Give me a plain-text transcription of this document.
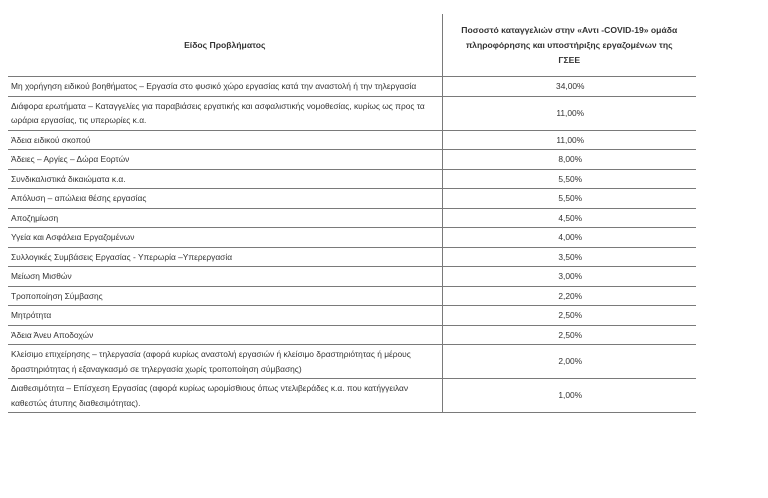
Είδος Προβλήματος	Ποσοστό καταγγελιών στην «Αντι -COVID-19» ομάδα πληροφόρησης και υποστήριξης εργαζομένων της ΓΣΕΕ
Μη χορήγηση ειδικού βοηθήματος – Εργασία στο φυσικό χώρο εργασίας κατά την αναστολή ή την τηλεργασία	34,00%
Διάφορα ερωτήματα – Καταγγελίες για παραβιάσεις εργατικής και ασφαλιστικής νομοθεσίας, κυρίως ως προς τα ωράρια εργασίας, τις υπερωρίες κ.α.	11,00%
Άδεια ειδικού σκοπού	11,00%
Άδειες – Αργίες – Δώρα Εορτών	8,00%
Συνδικαλιστικά δικαιώματα κ.α.	5,50%
Απόλυση – απώλεια θέσης εργασίας	5,50%
Αποζημίωση	4,50%
Υγεία και Ασφάλεια Εργαζομένων	4,00%
Συλλογικές Συμβάσεις Εργασίας - Υπερωρία –Υπερεργασία	3,50%
Μείωση Μισθών	3,00%
Τροποποίηση Σύμβασης	2,20%
Μητρότητα	2,50%
Άδεια Άνευ Αποδοχών	2,50%
Κλείσιμο επιχείρησης – τηλεργασία (αφορά κυρίως αναστολή εργασιών ή κλείσιμο δραστηριότητας ή μέρους δραστηριότητας ή εξαναγκασμό σε τηλεργασία χωρίς τροποποίηση σύμβασης)	2,00%
Διαθεσιμότητα – Επίσχεση Εργασίας (αφορά κυρίως ωρομίσθιους όπως ντελιβεράδες κ.α. που κατήγγειλαν καθεστώς άτυπης διαθεσιμότητας).	1,00%
